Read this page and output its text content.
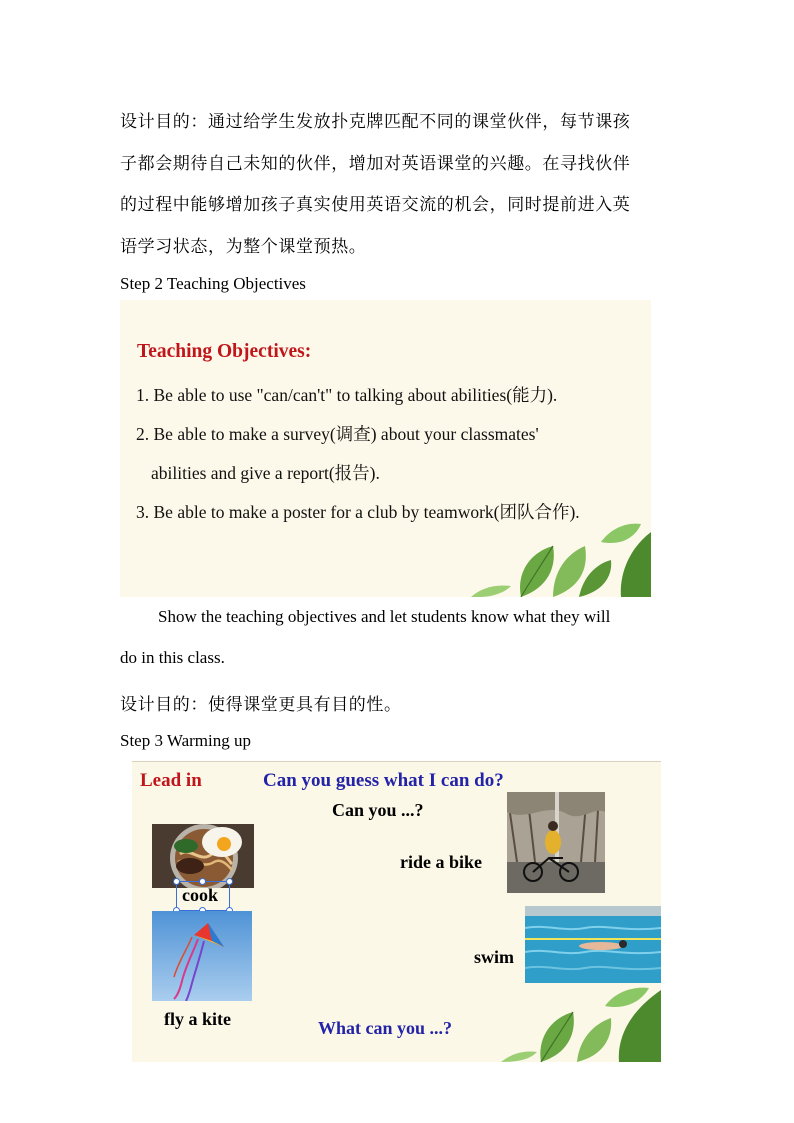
设计目的：通过给学生发放扑克牌匹配不同的课堂伙伴，每节课孩
子都会期待自己未知的伙伴，增加对英语课堂的兴趣。在寻找伙伴
的过程中能够增加孩子真实使用英语交流的机会，同时提前进入英
语学习状态，为整个课堂预热。
Step 2 Teaching Objectives
Teaching Objectives:
1. Be able to use "can/can't" to talking about abilities(能力).
2. Be able to make a survey(调查) about your classmates'
abilities and give a report(报告).
3. Be able to make a poster for a club by teamwork(团队合作).
Show the teaching objectives and let students know what they will
do in this class.
设计目的：使得课堂更具有目的性。
Step 3 Warming up
Lead in	Can you guess what I can do?
Can you ...?
ride a bike
swim
fly a kite	What can you ...?
cook
